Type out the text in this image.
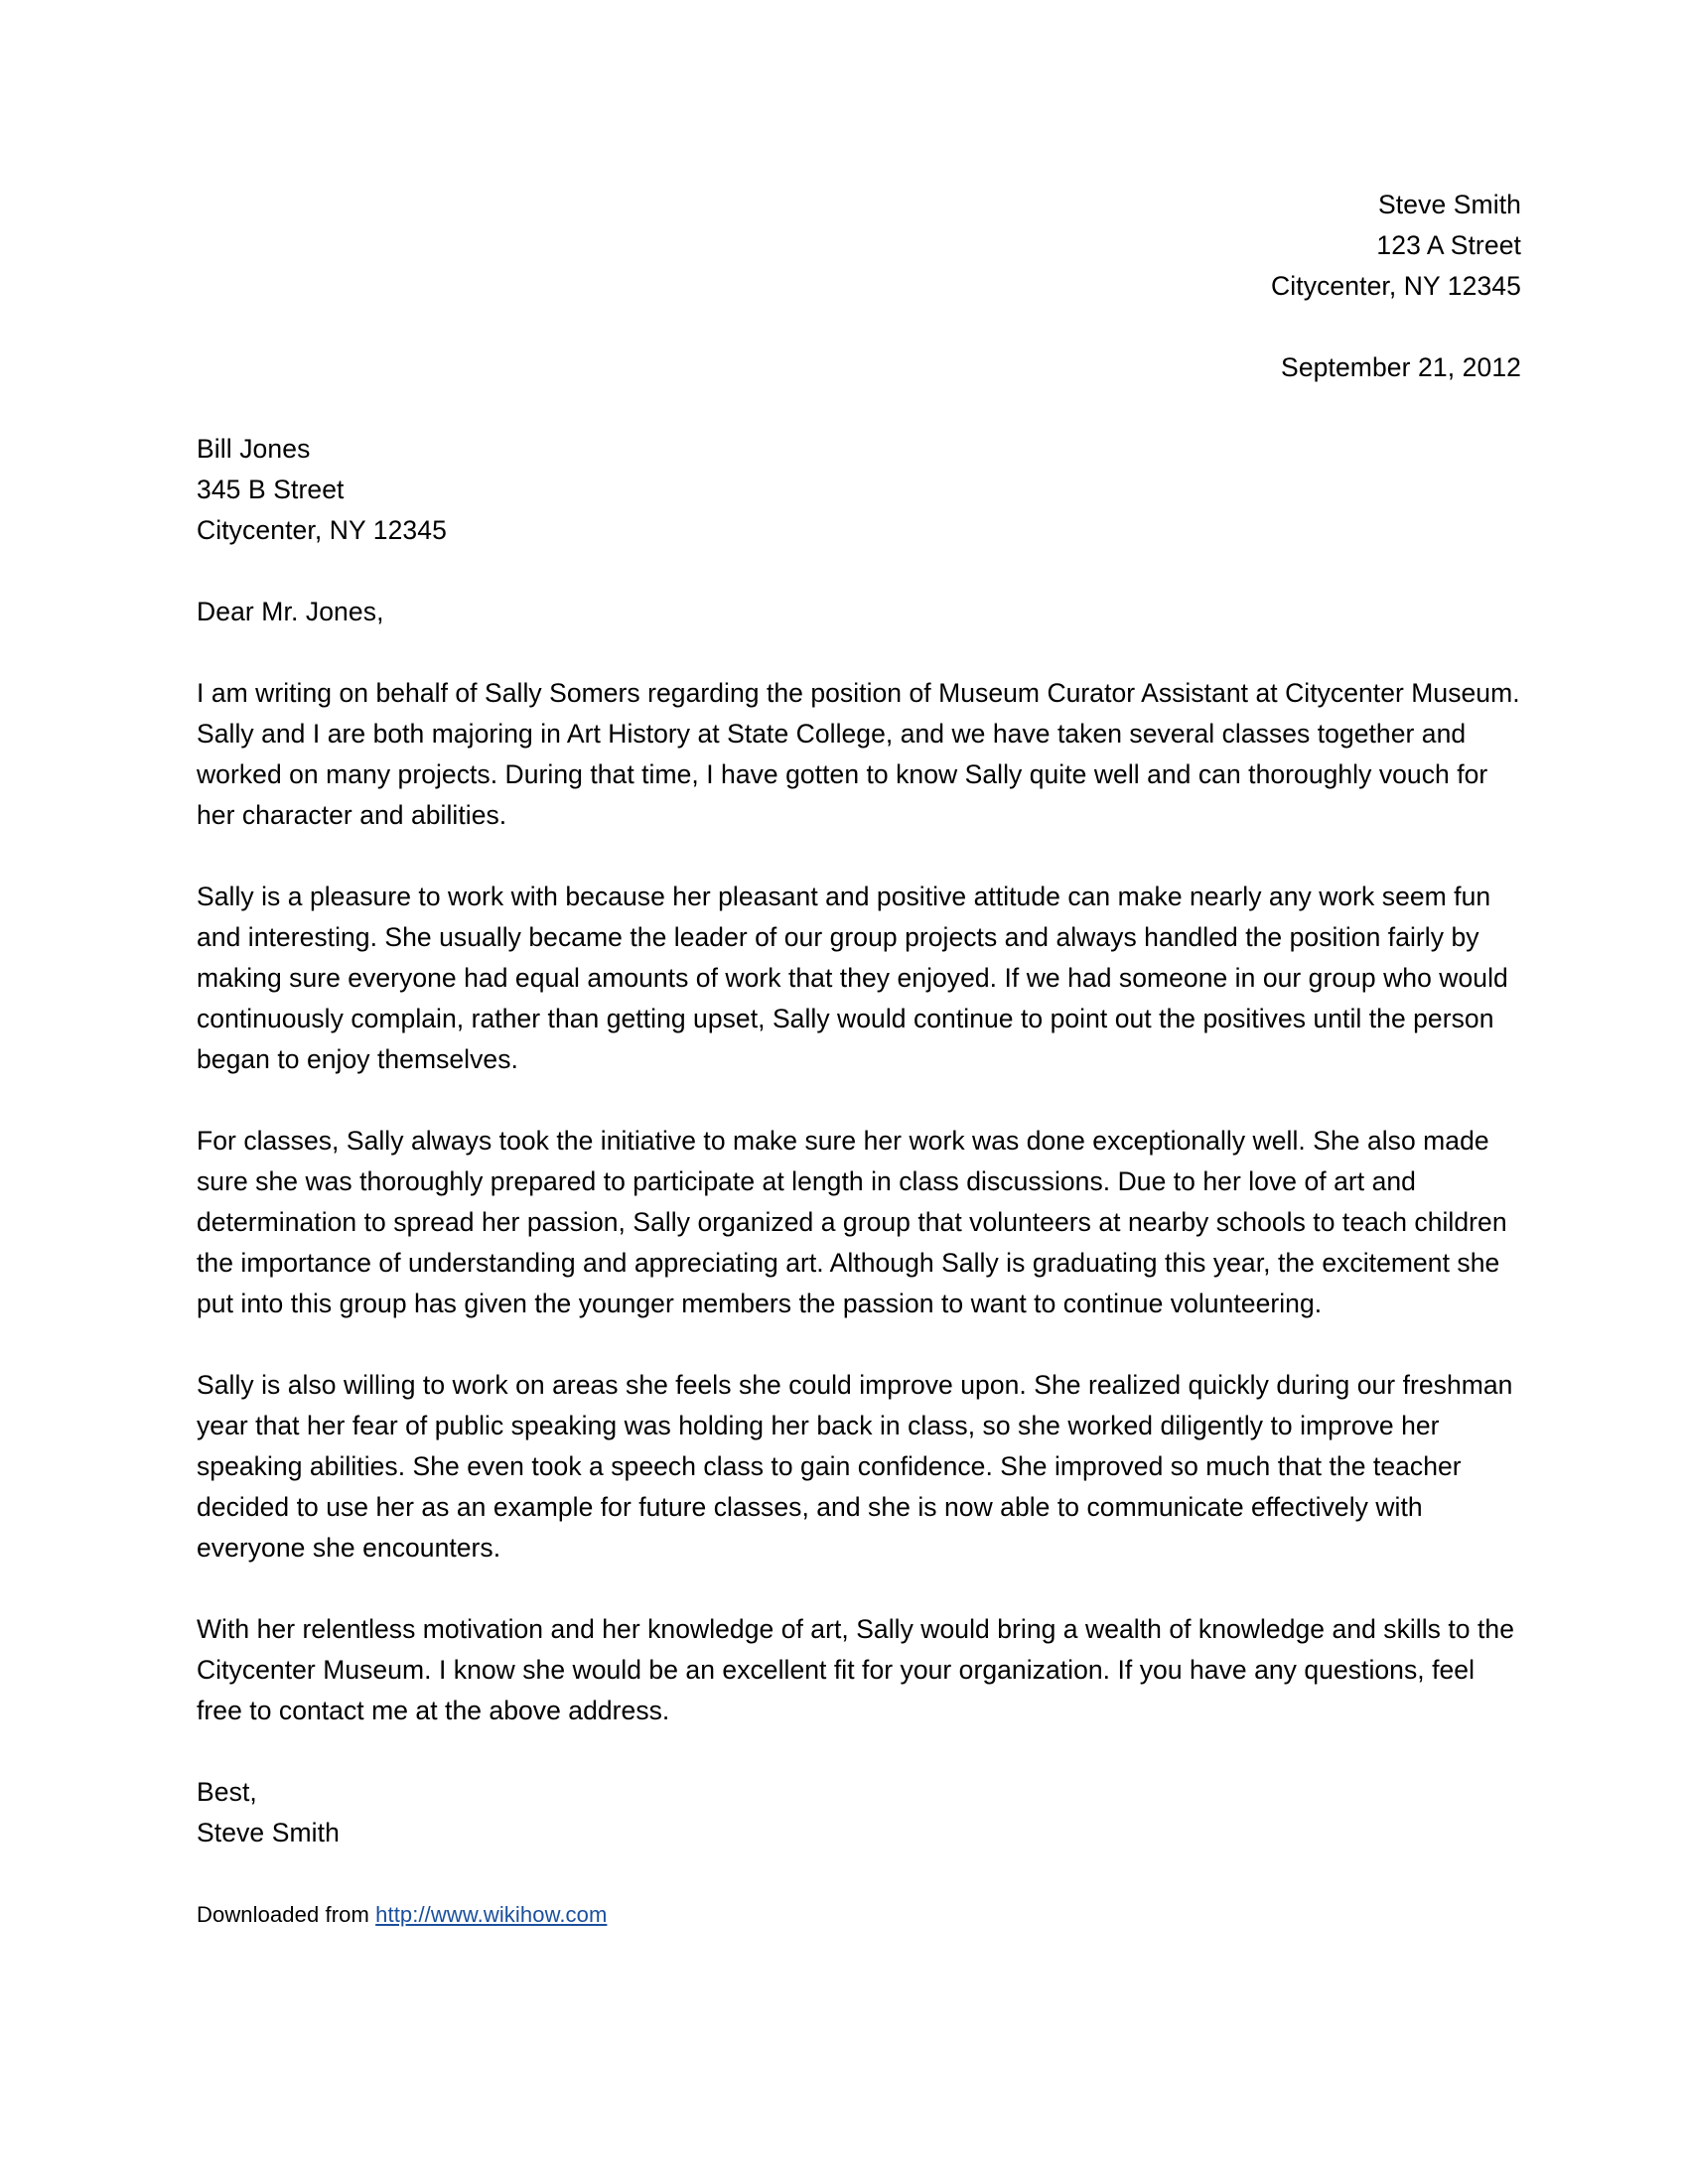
Steve Smith
123 A Street
Citycenter, NY 12345
September 21, 2012
Bill Jones
345 B Street
Citycenter, NY 12345
Dear Mr. Jones,

I am writing on behalf of Sally Somers regarding the position of Museum Curator Assistant at Citycenter Museum. Sally and I are both majoring in Art History at State College, and we have taken several classes together and worked on many projects. During that time, I have gotten to know Sally quite well and can thoroughly vouch for her character and abilities.

Sally is a pleasure to work with because her pleasant and positive attitude can make nearly any work seem fun and interesting. She usually became the leader of our group projects and always handled the position fairly by making sure everyone had equal amounts of work that they enjoyed. If we had someone in our group who would continuously complain, rather than getting upset, Sally would continue to point out the positives until the person began to enjoy themselves.

For classes, Sally always took the initiative to make sure her work was done exceptionally well. She also made sure she was thoroughly prepared to participate at length in class discussions. Due to her love of art and determination to spread her passion, Sally organized a group that volunteers at nearby schools to teach children the importance of understanding and appreciating art. Although Sally is graduating this year, the excitement she put into this group has given the younger members the passion to want to continue volunteering.

Sally is also willing to work on areas she feels she could improve upon. She realized quickly during our freshman year that her fear of public speaking was holding her back in class, so she worked diligently to improve her speaking abilities. She even took a speech class to gain confidence. She improved so much that the teacher decided to use her as an example for future classes, and she is now able to communicate effectively with everyone she encounters.

With her relentless motivation and her knowledge of art, Sally would bring a wealth of knowledge and skills to the Citycenter Museum. I know she would be an excellent fit for your organization. If you have any questions, feel free to contact me at the above address.

Best,
Steve Smith
Downloaded from http://www.wikihow.com
